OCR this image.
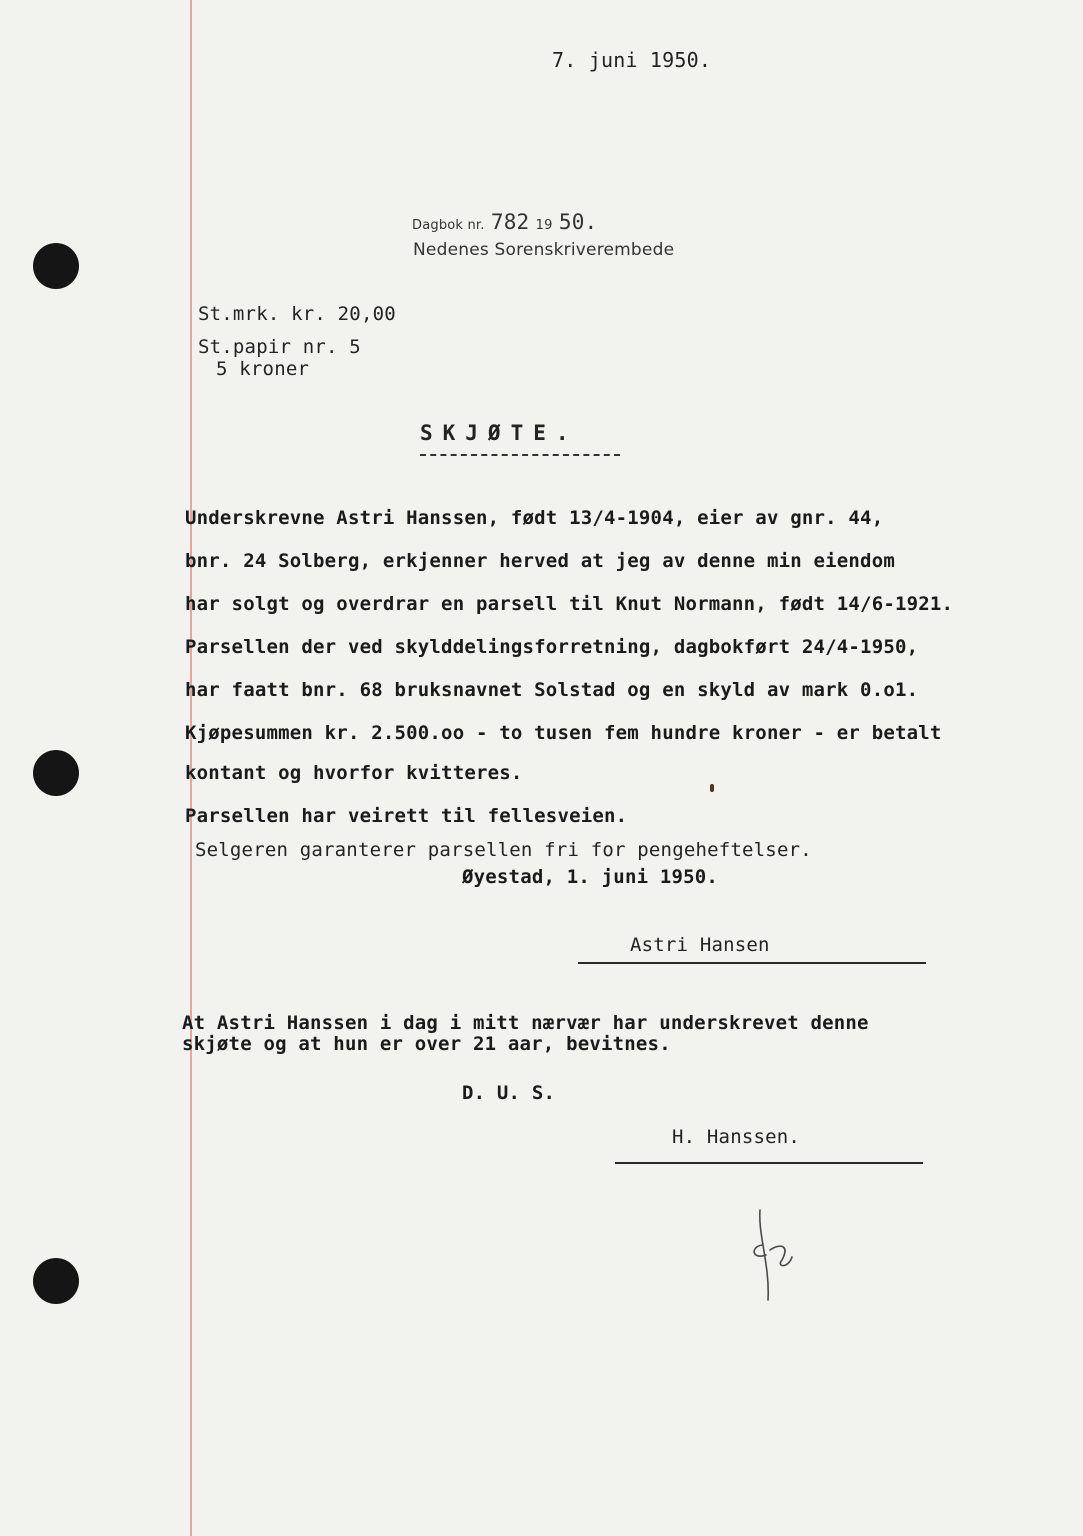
7. juni 1950.
Dagbok nr. 782 19 50.
Nedenes Sorenskriverembede
St.mrk. kr. 20,00
St.papir nr. 5
5 kroner
SKJØTE.
Underskrevne Astri Hanssen, født 13/4-1904, eier av gnr. 44,
bnr. 24 Solberg, erkjenner herved at jeg av denne min eiendom
har solgt og overdrar en parsell til Knut Normann, født 14/6-1921.
Parsellen der ved skylddelingsforretning, dagbokført 24/4-1950,
har faatt bnr. 68 bruksnavnet Solstad og en skyld av mark 0.o1.
Kjøpesummen kr. 2.500.oo - to tusen fem hundre kroner - er betalt
kontant og hvorfor kvitteres.
Parsellen har veirett til fellesveien.
Selgeren garanterer parsellen fri for pengeheftelser.
Øyestad, 1. juni 1950.
Astri Hansen
At Astri Hanssen i dag i mitt nærvær har underskrevet denne
skjøte og at hun er over 21 aar, bevitnes.
D. U. S.
H. Hanssen.
